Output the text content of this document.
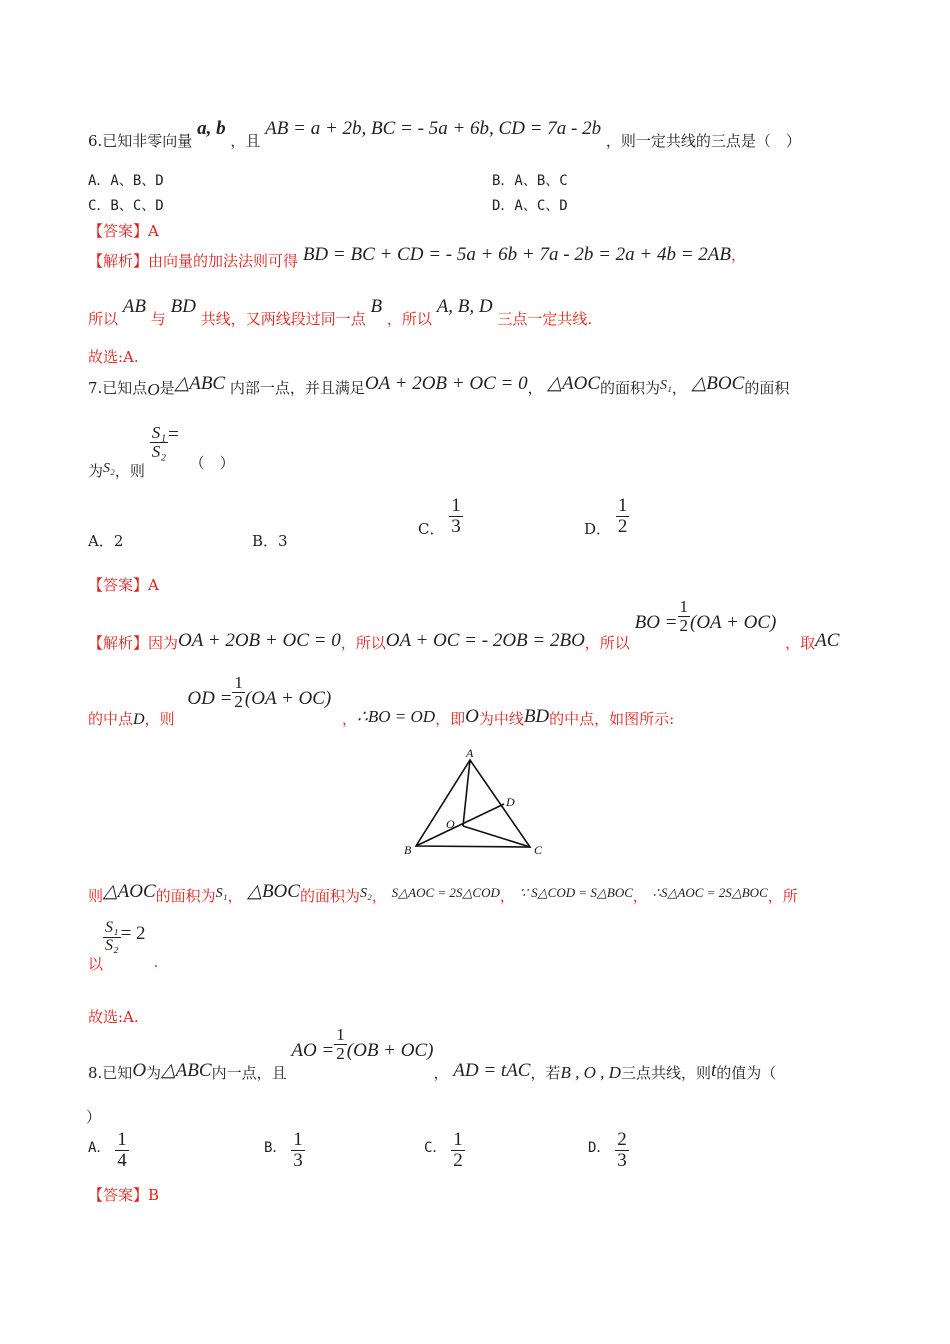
6.已知非零向量 a, b ，且 AB = a + 2b, BC = - 5a + 6b, CD = 7a - 2b ，则一定共线的三点是（　）
A．A、B、D	B．A、B、C
C．B、C、D	D．A、C、D
【答案】A
【解析】由向量的加法法则可得 BD = BC + CD = - 5a + 6b + 7a - 2b = 2a + 4b = 2AB，
所以 AB 与 BD 共线，又两线段过同一点 B ，所以 A, B, D 三点一定共线.
故选:A.
7.已知点O是△ABC 内部一点，并且满足OA + 2OB + OC = 0， △AOC的面积为S₁， △BOC的面积
为S₂，则
$\frac{\text{S₁}}{\text{S₂}}$ = （　）
A．2	B．3
C． $\frac{1}{3}$	D． $\frac{1}{2}$
【答案】A
【解析】因为OA + 2OB + OC = 0，所以OA + OC = - 2OB = 2BO，所以 BO = $\frac{1}{2} (OA + OC)$ ，取AC
的中点D，则 OD = $\frac{1}{2} (OA + OC)$ ，∴BO = OD，即O为中线BD的中点，如图所示:
A
B	C
D
O
则△AOC的面积为S₁， △BOC的面积为S₂， S△AOC = 2S△COD， ∵ S△COD = S△BOC， ∴S△AOC = 2S△BOC，所
以
$\frac{\text{S₁}}{\text{S₂}} = 2$.
故选:A.
8.已知O为△ABC内一点，且 AO = $\frac{1}{2} (OB + OC)$， AD = tAC，若B , O , D三点共线，则t的值为（
）
A． $\frac{1}{4}$	B． $\frac{1}{3}$	C． $\frac{1}{2}$	D． $\frac{2}{3}$
【答案】B
